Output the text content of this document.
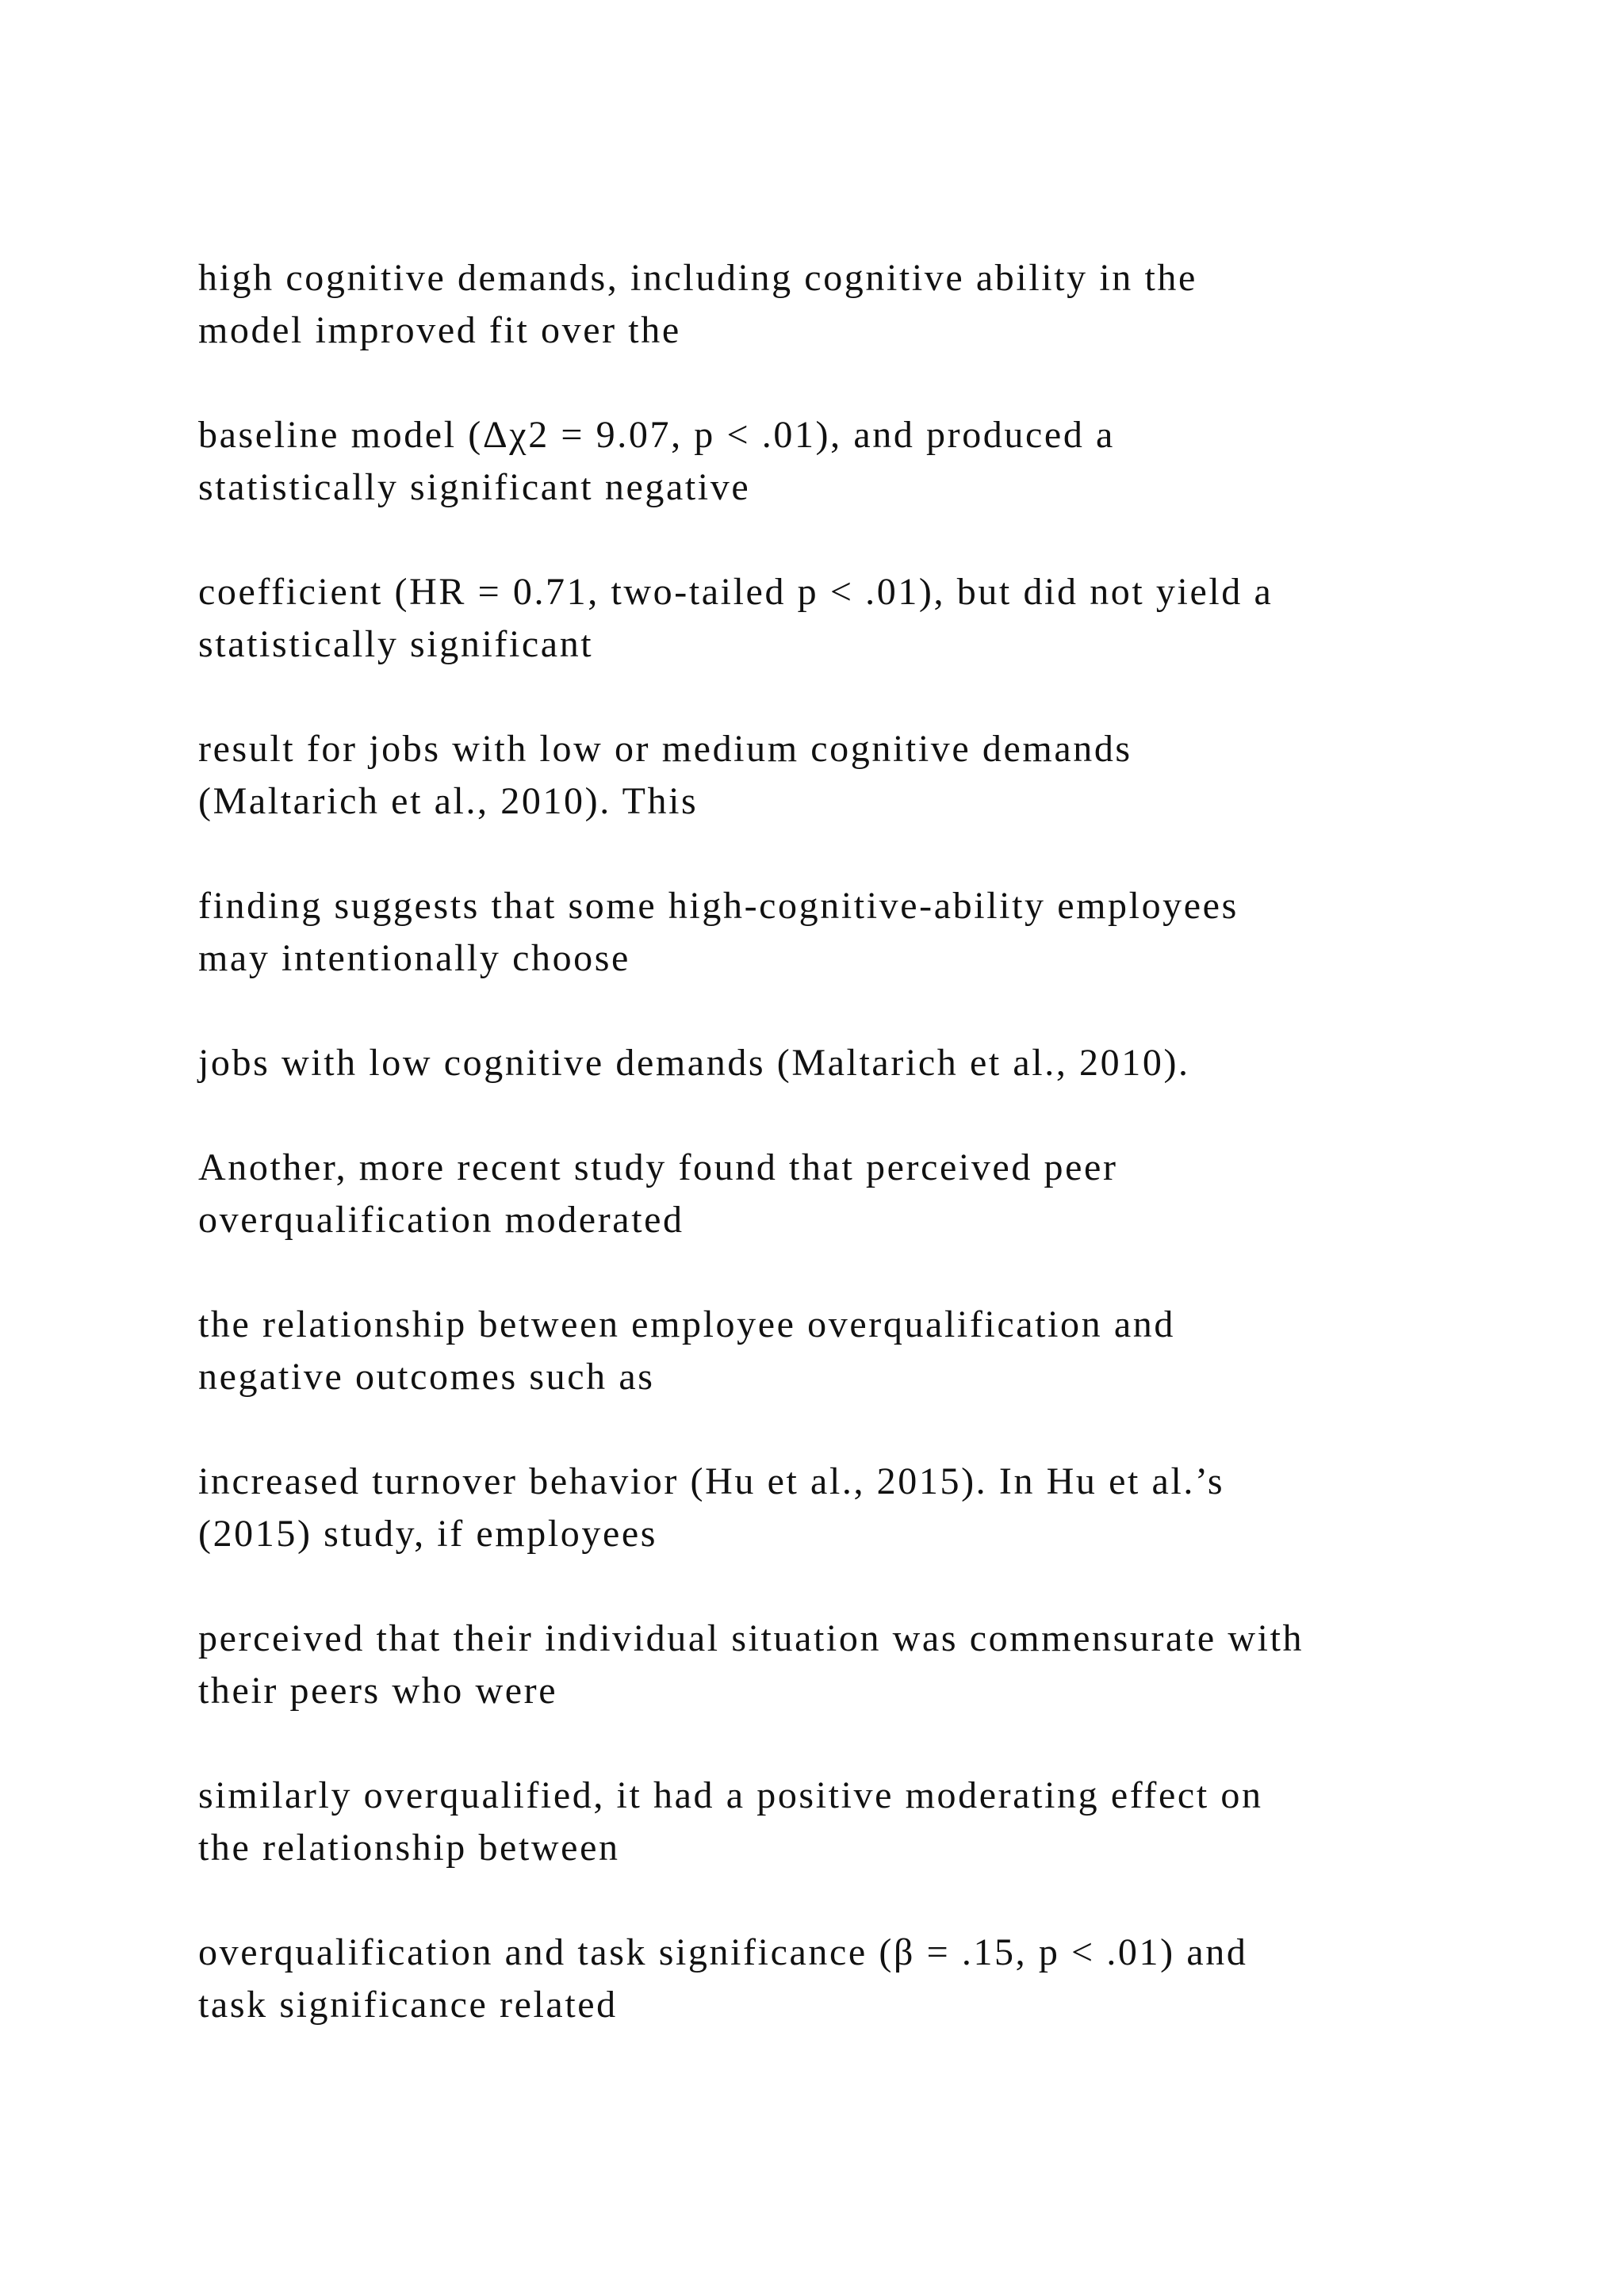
high cognitive demands, including cognitive ability in the
model improved fit over the

baseline model (Δχ2 = 9.07, p < .01), and produced a
statistically significant negative

coefficient (HR = 0.71, two-tailed p < .01), but did not yield a
statistically significant

result for jobs with low or medium cognitive demands
(Maltarich et al., 2010). This

finding suggests that some high-cognitive-ability employees
may intentionally choose

jobs with low cognitive demands (Maltarich et al., 2010).

Another, more recent study found that perceived peer
overqualification moderated

the relationship between employee overqualification and
negative outcomes such as

increased turnover behavior (Hu et al., 2015). In Hu et al.’s
(2015) study, if employees

perceived that their individual situation was commensurate with
their peers who were

similarly overqualified, it had a positive moderating effect on
the relationship between

overqualification and task significance (β = .15, p < .01) and
task significance related
